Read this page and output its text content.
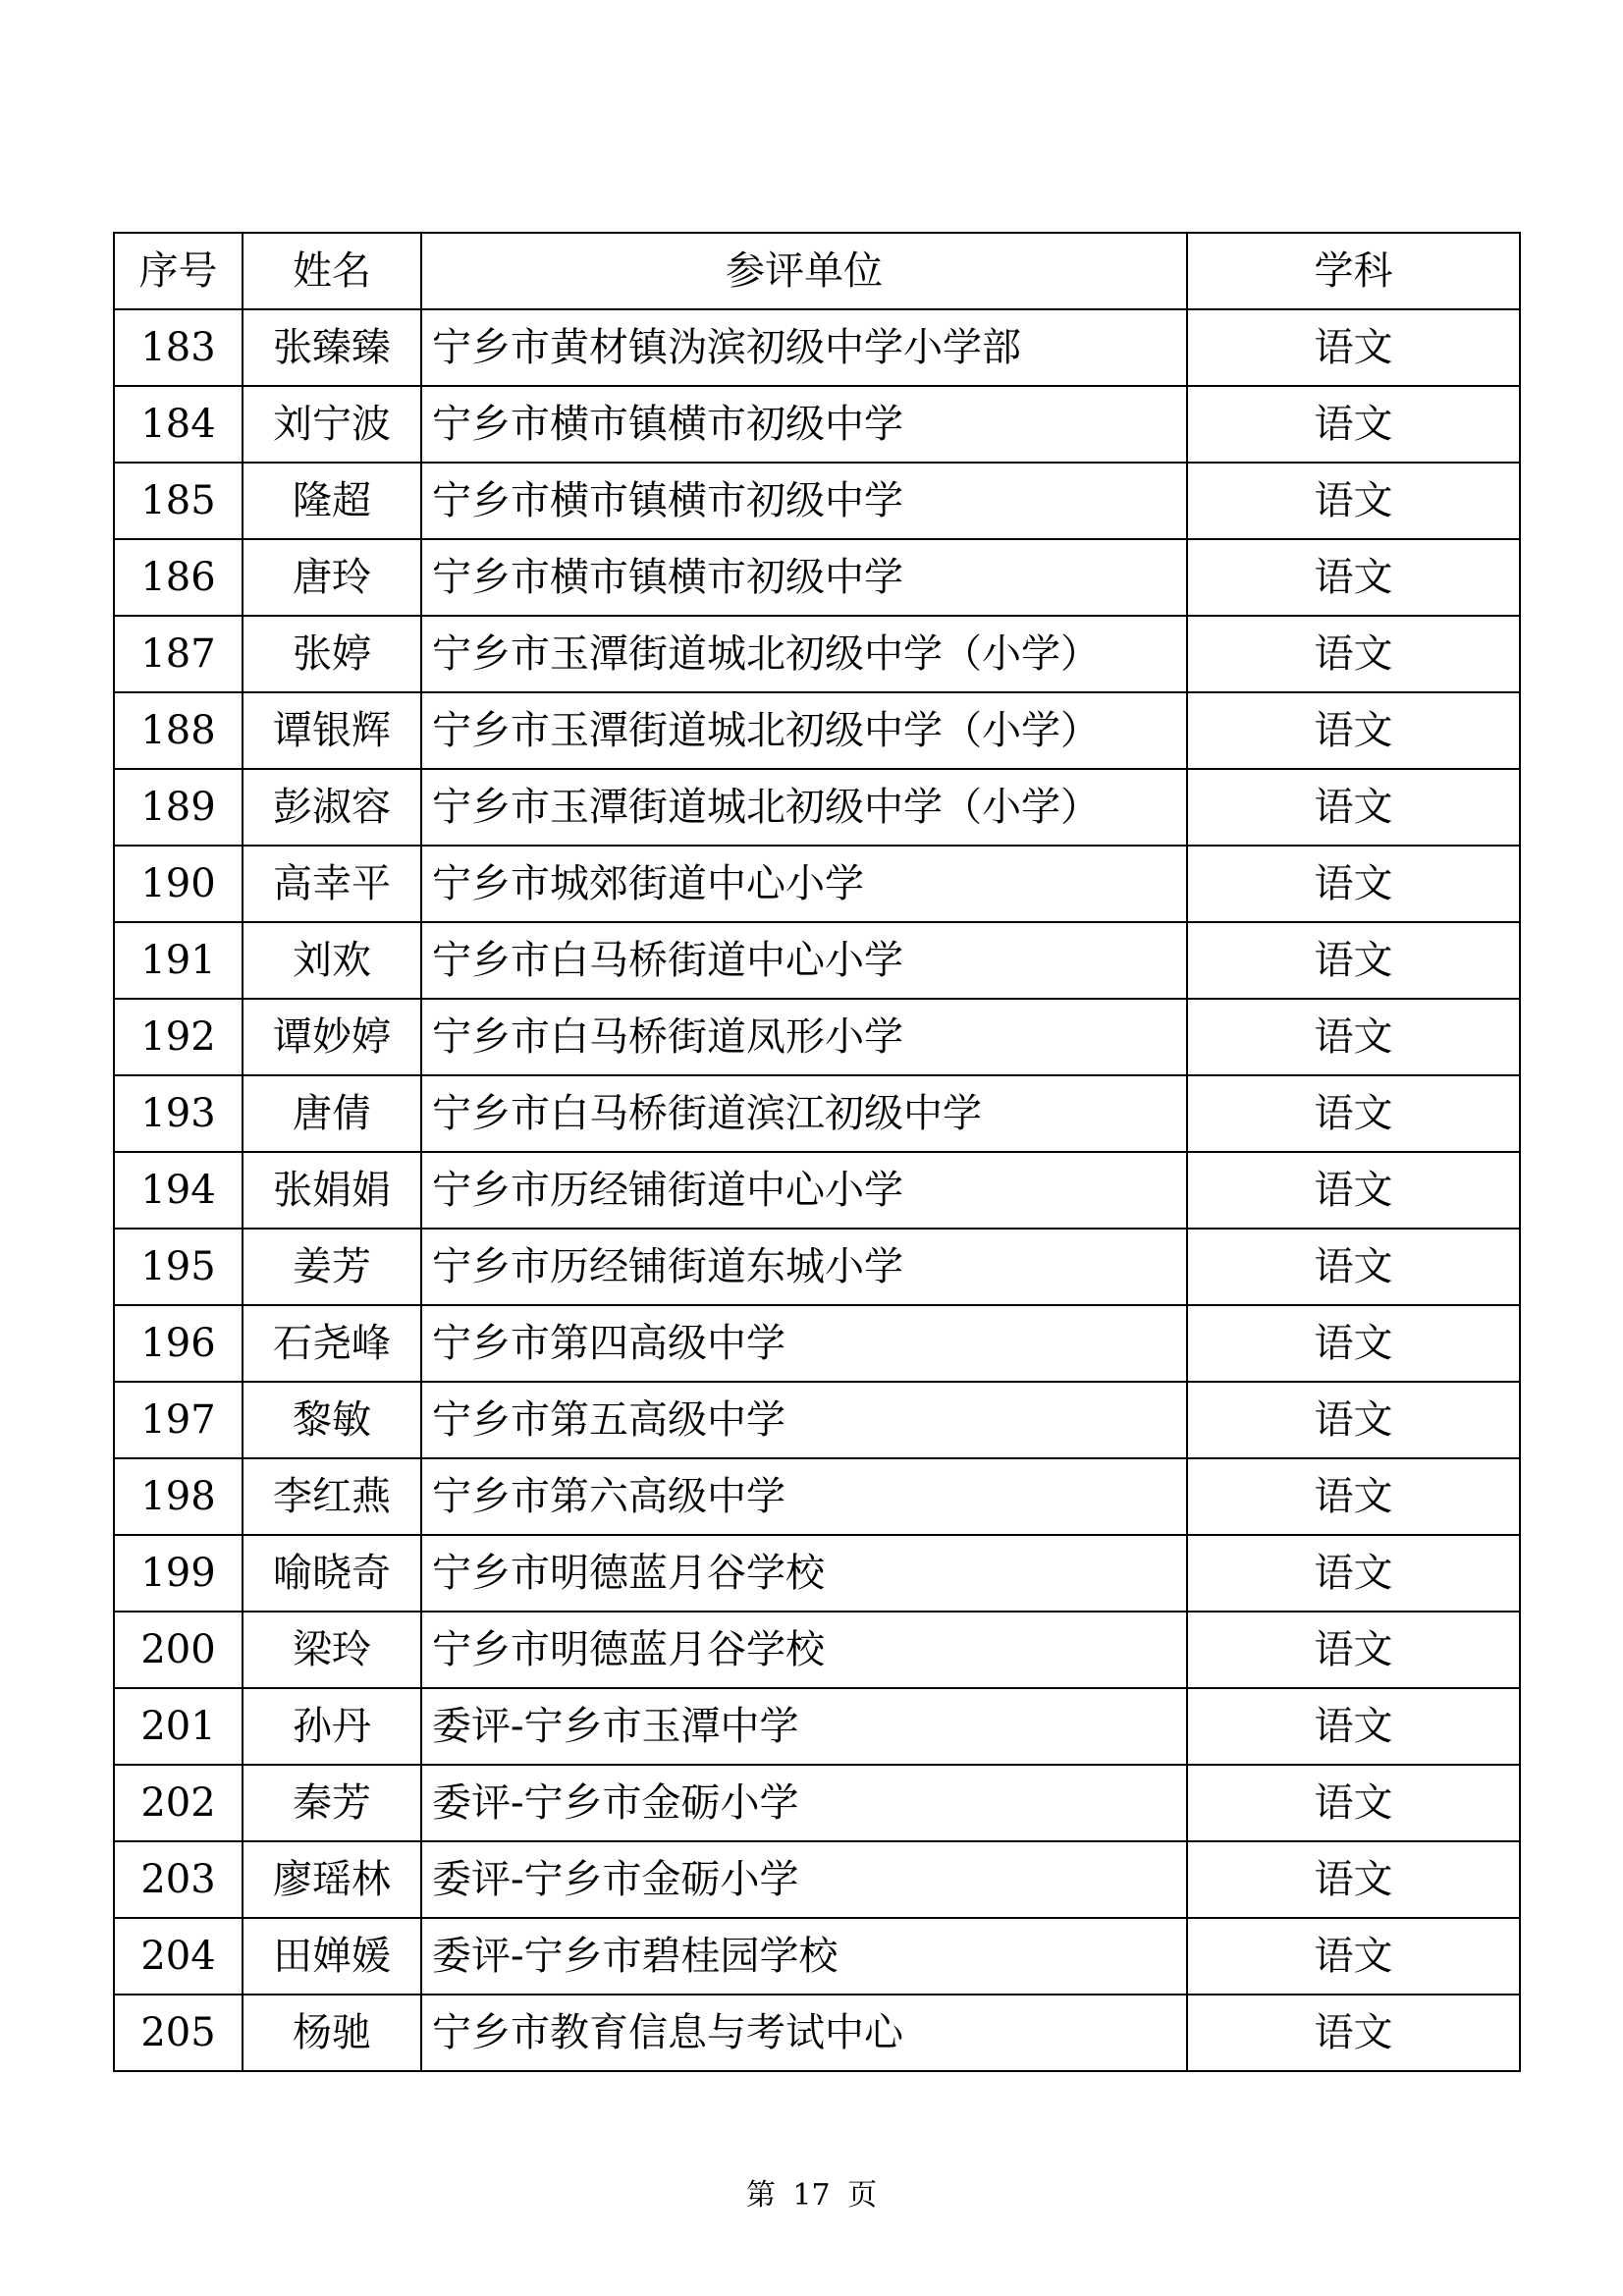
序号	姓名	参评单位	学科
183	张臻臻	宁乡市黄材镇沩滨初级中学小学部	语文
184	刘宁波	宁乡市横市镇横市初级中学	语文
185	隆超	宁乡市横市镇横市初级中学	语文
186	唐玲	宁乡市横市镇横市初级中学	语文
187	张婷	宁乡市玉潭街道城北初级中学（小学）	语文
188	谭银辉	宁乡市玉潭街道城北初级中学（小学）	语文
189	彭淑容	宁乡市玉潭街道城北初级中学（小学）	语文
190	高幸平	宁乡市城郊街道中心小学	语文
191	刘欢	宁乡市白马桥街道中心小学	语文
192	谭妙婷	宁乡市白马桥街道凤形小学	语文
193	唐倩	宁乡市白马桥街道滨江初级中学	语文
194	张娟娟	宁乡市历经铺街道中心小学	语文
195	姜芳	宁乡市历经铺街道东城小学	语文
196	石尧峰	宁乡市第四高级中学	语文
197	黎敏	宁乡市第五高级中学	语文
198	李红燕	宁乡市第六高级中学	语文
199	喻晓奇	宁乡市明德蓝月谷学校	语文
200	梁玲	宁乡市明德蓝月谷学校	语文
201	孙丹	委评-宁乡市玉潭中学	语文
202	秦芳	委评-宁乡市金砺小学	语文
203	廖瑶林	委评-宁乡市金砺小学	语文
204	田婵媛	委评-宁乡市碧桂园学校	语文
205	杨驰	宁乡市教育信息与考试中心	语文
第 17 页
